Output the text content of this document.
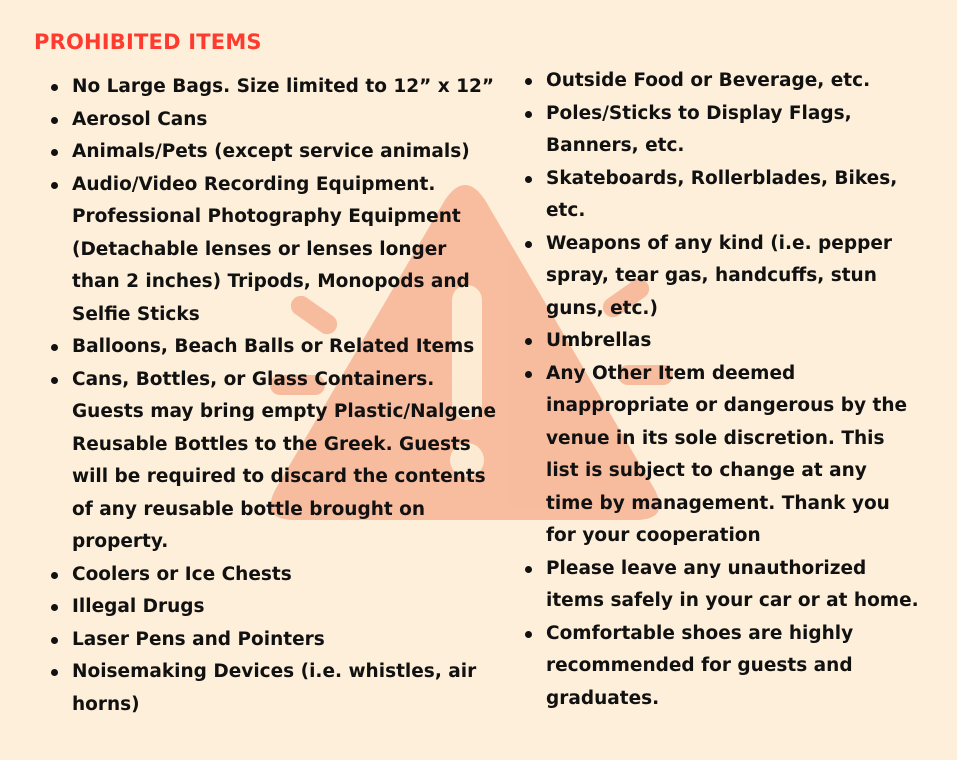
PROHIBITED ITEMS
No Large Bags. Size limited to 12” x 12”
Aerosol Cans
Animals/Pets (except service animals)
Audio/Video Recording Equipment. Professional Photography Equipment (Detachable lenses or lenses longer than 2 inches) Tripods, Monopods and Selfie Sticks
Balloons, Beach Balls or Related Items
Cans, Bottles, or Glass Containers. Guests may bring empty Plastic/Nalgene Reusable Bottles to the Greek. Guests will be required to discard the contents of any reusable bottle brought on property.
Coolers or Ice Chests
Illegal Drugs
Laser Pens and Pointers
Noisemaking Devices (i.e. whistles, air horns)
Outside Food or Beverage, etc.
Poles/Sticks to Display Flags, Banners, etc.
Skateboards, Rollerblades, Bikes, etc.
Weapons of any kind (i.e. pepper spray, tear gas, handcuffs, stun guns, etc.)
Umbrellas
Any Other Item deemed inappropriate or dangerous by the venue in its sole discretion. This list is subject to change at any time by management. Thank you for your cooperation
Please leave any unauthorized items safely in your car or at home.
Comfortable shoes are highly recommended for guests and graduates.
